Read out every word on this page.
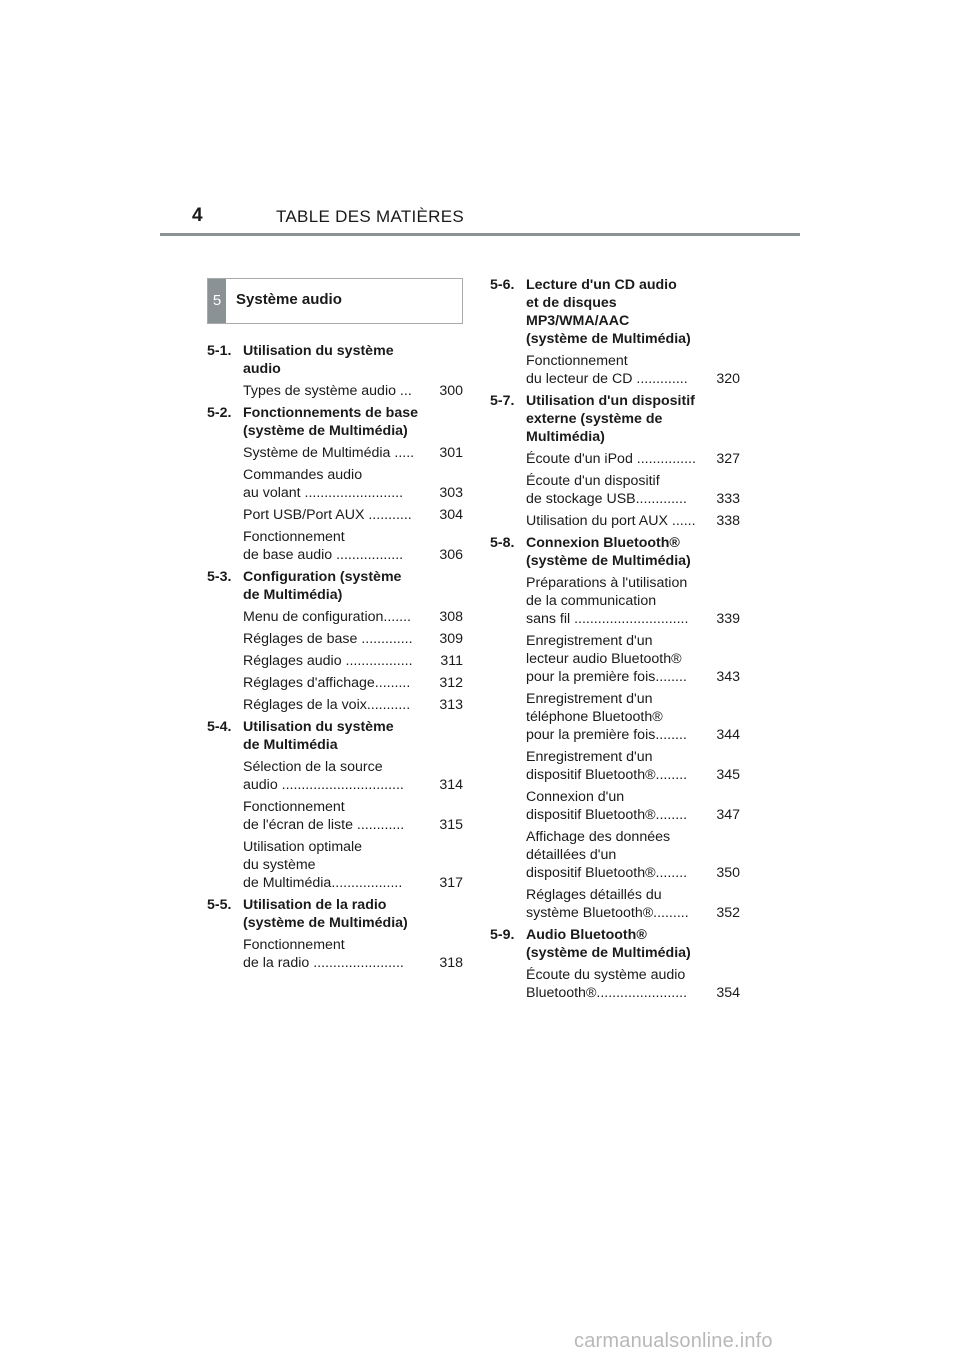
4	TABLE DES MATIÈRES
5 Système audio
5-1. Utilisation du système
audio
Types de système audio ...	300
5-2. Fonctionnements de base
(système de Multimédia)
Système de Multimédia .....	301
Commandes audio
au volant .........................	303
Port USB/Port AUX ...........	304
Fonctionnement
de base audio .................	306
5-3. Configuration (système
de Multimédia)
Menu de configuration.......	308
Réglages de base .............	309
Réglages audio .................	311
Réglages d'affichage.........	312
Réglages de la voix...........	313
5-4. Utilisation du système
de Multimédia
Sélection de la source
audio ...............................	314
Fonctionnement
de l'écran de liste ............	315
Utilisation optimale
du système
de Multimédia..................	317
5-5. Utilisation de la radio
(système de Multimédia)
Fonctionnement
de la radio .......................	318
5-6. Lecture d'un CD audio
et de disques
MP3/WMA/AAC
(système de Multimédia)
Fonctionnement
du lecteur de CD .............	320
5-7. Utilisation d'un dispositif
externe (système de
Multimédia)
Écoute d'un iPod ...............	327
Écoute d'un dispositif
de stockage USB.............	333
Utilisation du port AUX ......	338
5-8. Connexion Bluetooth®
(système de Multimédia)
Préparations à l'utilisation
de la communication
sans fil .............................	339
Enregistrement d'un
lecteur audio Bluetooth®
pour la première fois........	343
Enregistrement d'un
téléphone Bluetooth®
pour la première fois........	344
Enregistrement d'un
dispositif Bluetooth®........	345
Connexion d'un
dispositif Bluetooth®........	347
Affichage des données
détaillées d'un
dispositif Bluetooth®........	350
Réglages détaillés du
système Bluetooth®.........	352
5-9. Audio Bluetooth®
(système de Multimédia)
Écoute du système audio
Bluetooth®.......................	354
carmanualsonline.info
